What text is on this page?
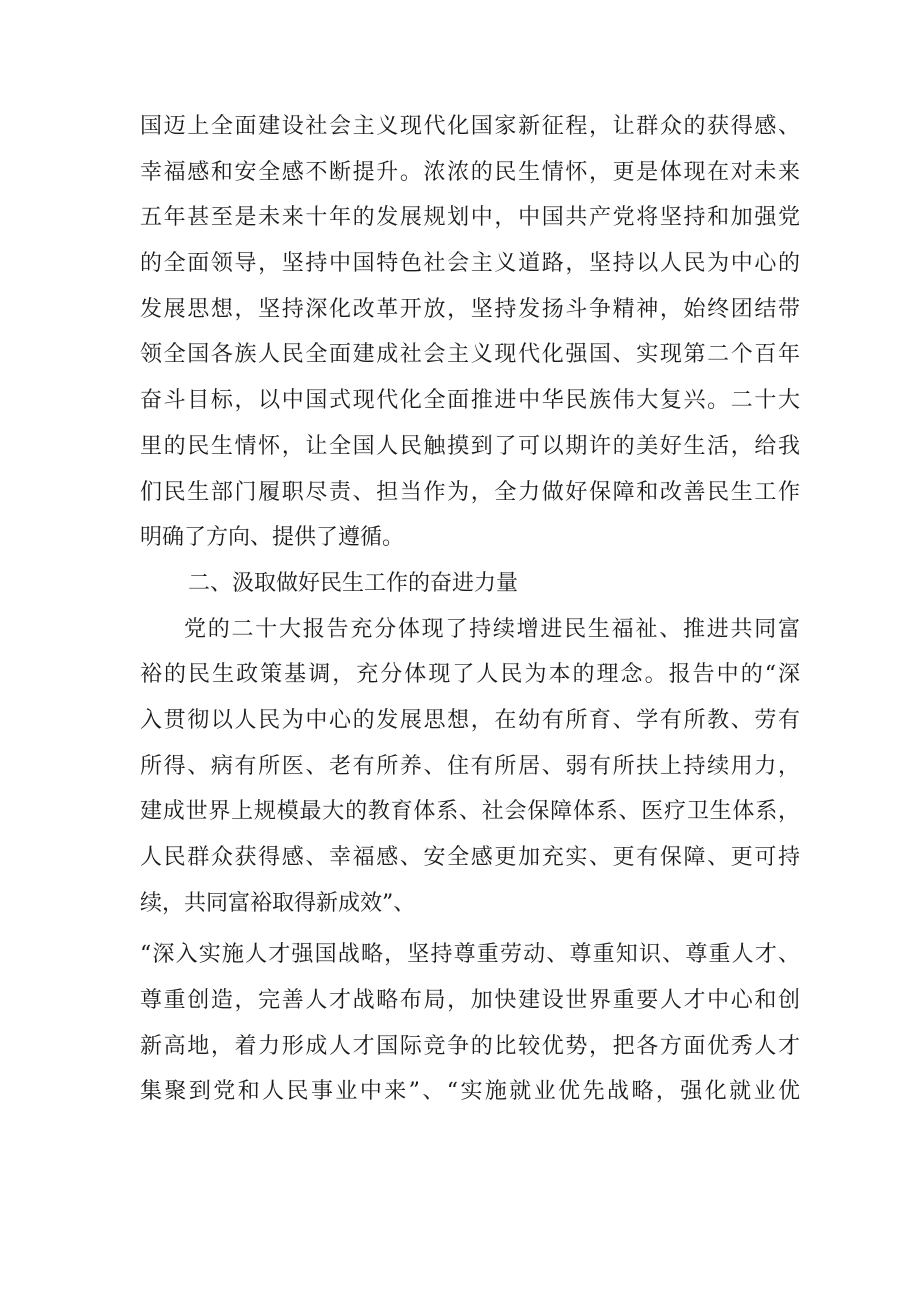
国迈上全面建设社会主义现代化国家新征程，让群众的获得感、
幸福感和安全感不断提升。浓浓的民生情怀，更是体现在对未来
五年甚至是未来十年的发展规划中，中国共产党将坚持和加强党
的全面领导，坚持中国特色社会主义道路，坚持以人民为中心的
发展思想，坚持深化改革开放，坚持发扬斗争精神，始终团结带
领全国各族人民全面建成社会主义现代化强国、实现第二个百年
奋斗目标，以中国式现代化全面推进中华民族伟大复兴。二十大
里的民生情怀，让全国人民触摸到了可以期许的美好生活，给我
们民生部门履职尽责、担当作为，全力做好保障和改善民生工作
明确了方向、提供了遵循。
二、汲取做好民生工作的奋进力量
党的二十大报告充分体现了持续增进民生福祉、推进共同富
裕的民生政策基调，充分体现了人民为本的理念。报告中的“深
入贯彻以人民为中心的发展思想，在幼有所育、学有所教、劳有
所得、病有所医、老有所养、住有所居、弱有所扶上持续用力，
建成世界上规模最大的教育体系、社会保障体系、医疗卫生体系，
人民群众获得感、幸福感、安全感更加充实、更有保障、更可持
续，共同富裕取得新成效”、
“深入实施人才强国战略，坚持尊重劳动、尊重知识、尊重人才、
尊重创造，完善人才战略布局，加快建设世界重要人才中心和创
新高地，着力形成人才国际竞争的比较优势，把各方面优秀人才
集聚到党和人民事业中来”、“实施就业优先战略，强化就业优
